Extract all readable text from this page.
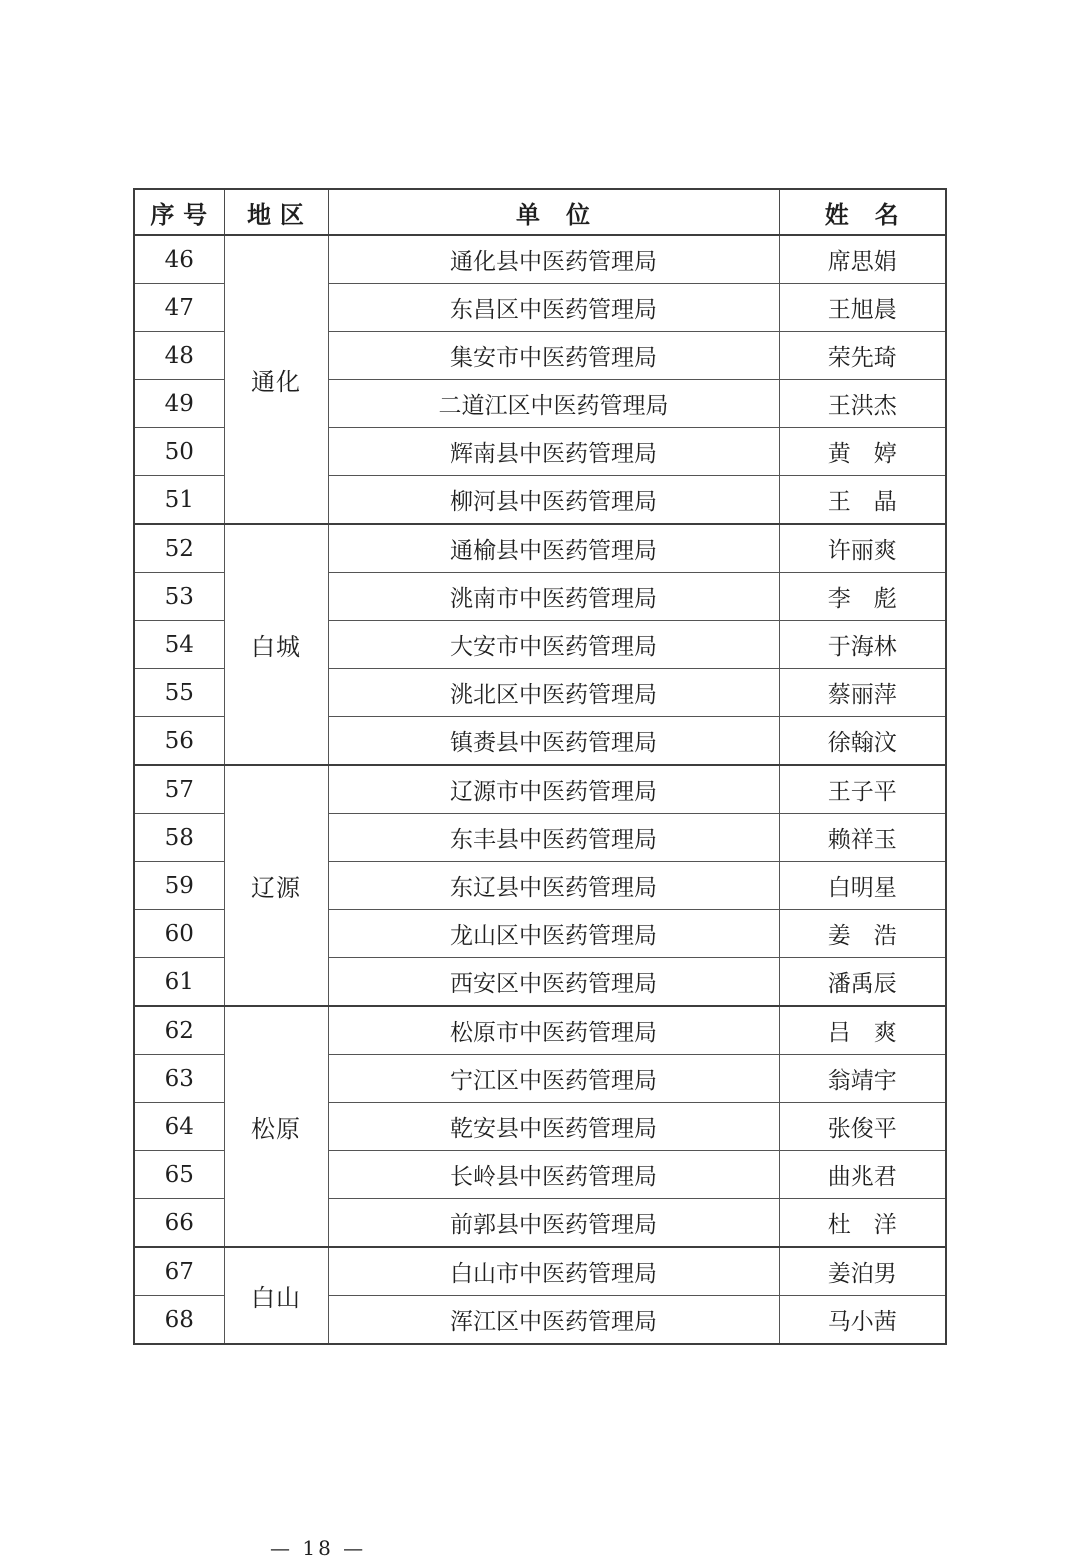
序 号	地 区	单　位	姓　名
46	通化	通化县中医药管理局	席思娟
47		东昌区中医药管理局	王旭晨
48		集安市中医药管理局	荣先琦
49		二道江区中医药管理局	王洪杰
50		辉南县中医药管理局	黄　婷
51		柳河县中医药管理局	王　晶
52	白城	通榆县中医药管理局	许丽爽
53		洮南市中医药管理局	李　彪
54		大安市中医药管理局	于海林
55		洮北区中医药管理局	蔡丽萍
56		镇赉县中医药管理局	徐翰汶
57	辽源	辽源市中医药管理局	王子平
58		东丰县中医药管理局	赖祥玉
59		东辽县中医药管理局	白明星
60		龙山区中医药管理局	姜　浩
61		西安区中医药管理局	潘禹辰
62	松原	松原市中医药管理局	吕　爽
63		宁江区中医药管理局	翁靖宇
64		乾安县中医药管理局	张俊平
65		长岭县中医药管理局	曲兆君
66		前郭县中医药管理局	杜　洋
67	白山	白山市中医药管理局	姜泊男
68		浑江区中医药管理局	马小茜
— 18 —
